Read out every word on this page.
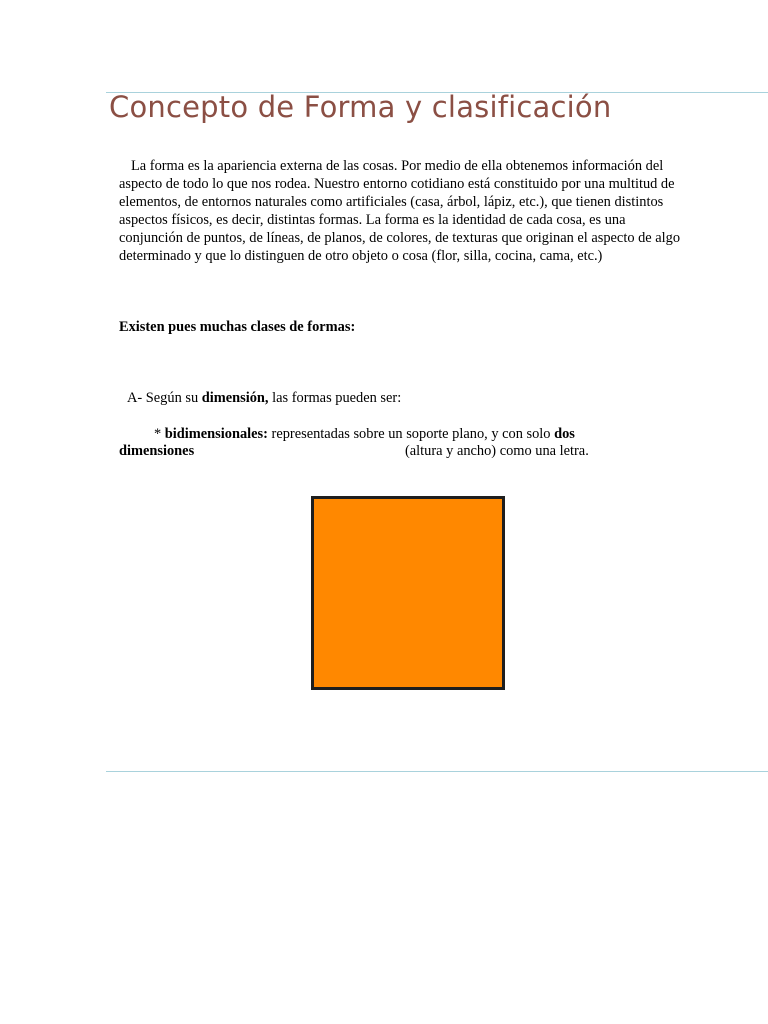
Concepto de Forma y clasificación

La forma es la apariencia externa de las cosas. Por medio de ella obtenemos información del aspecto de todo lo que nos rodea. Nuestro entorno cotidiano está constituido por una multitud de elementos, de entornos naturales como artificiales (casa, árbol, lápiz, etc.), que tienen distintos aspectos físicos, es decir, distintas formas. La forma es la identidad de cada cosa, es una conjunción de puntos, de líneas, de planos, de colores, de texturas que originan el aspecto de algo determinado y que lo distinguen de otro objeto o cosa (flor, silla, cocina, cama, etc.)

Existen pues muchas clases de formas:

A- Según su dimensión, las formas pueden ser:

* bidimensionales: representadas sobre un soporte plano, y con solo dos

dimensiones	(altura y ancho) como una letra.
